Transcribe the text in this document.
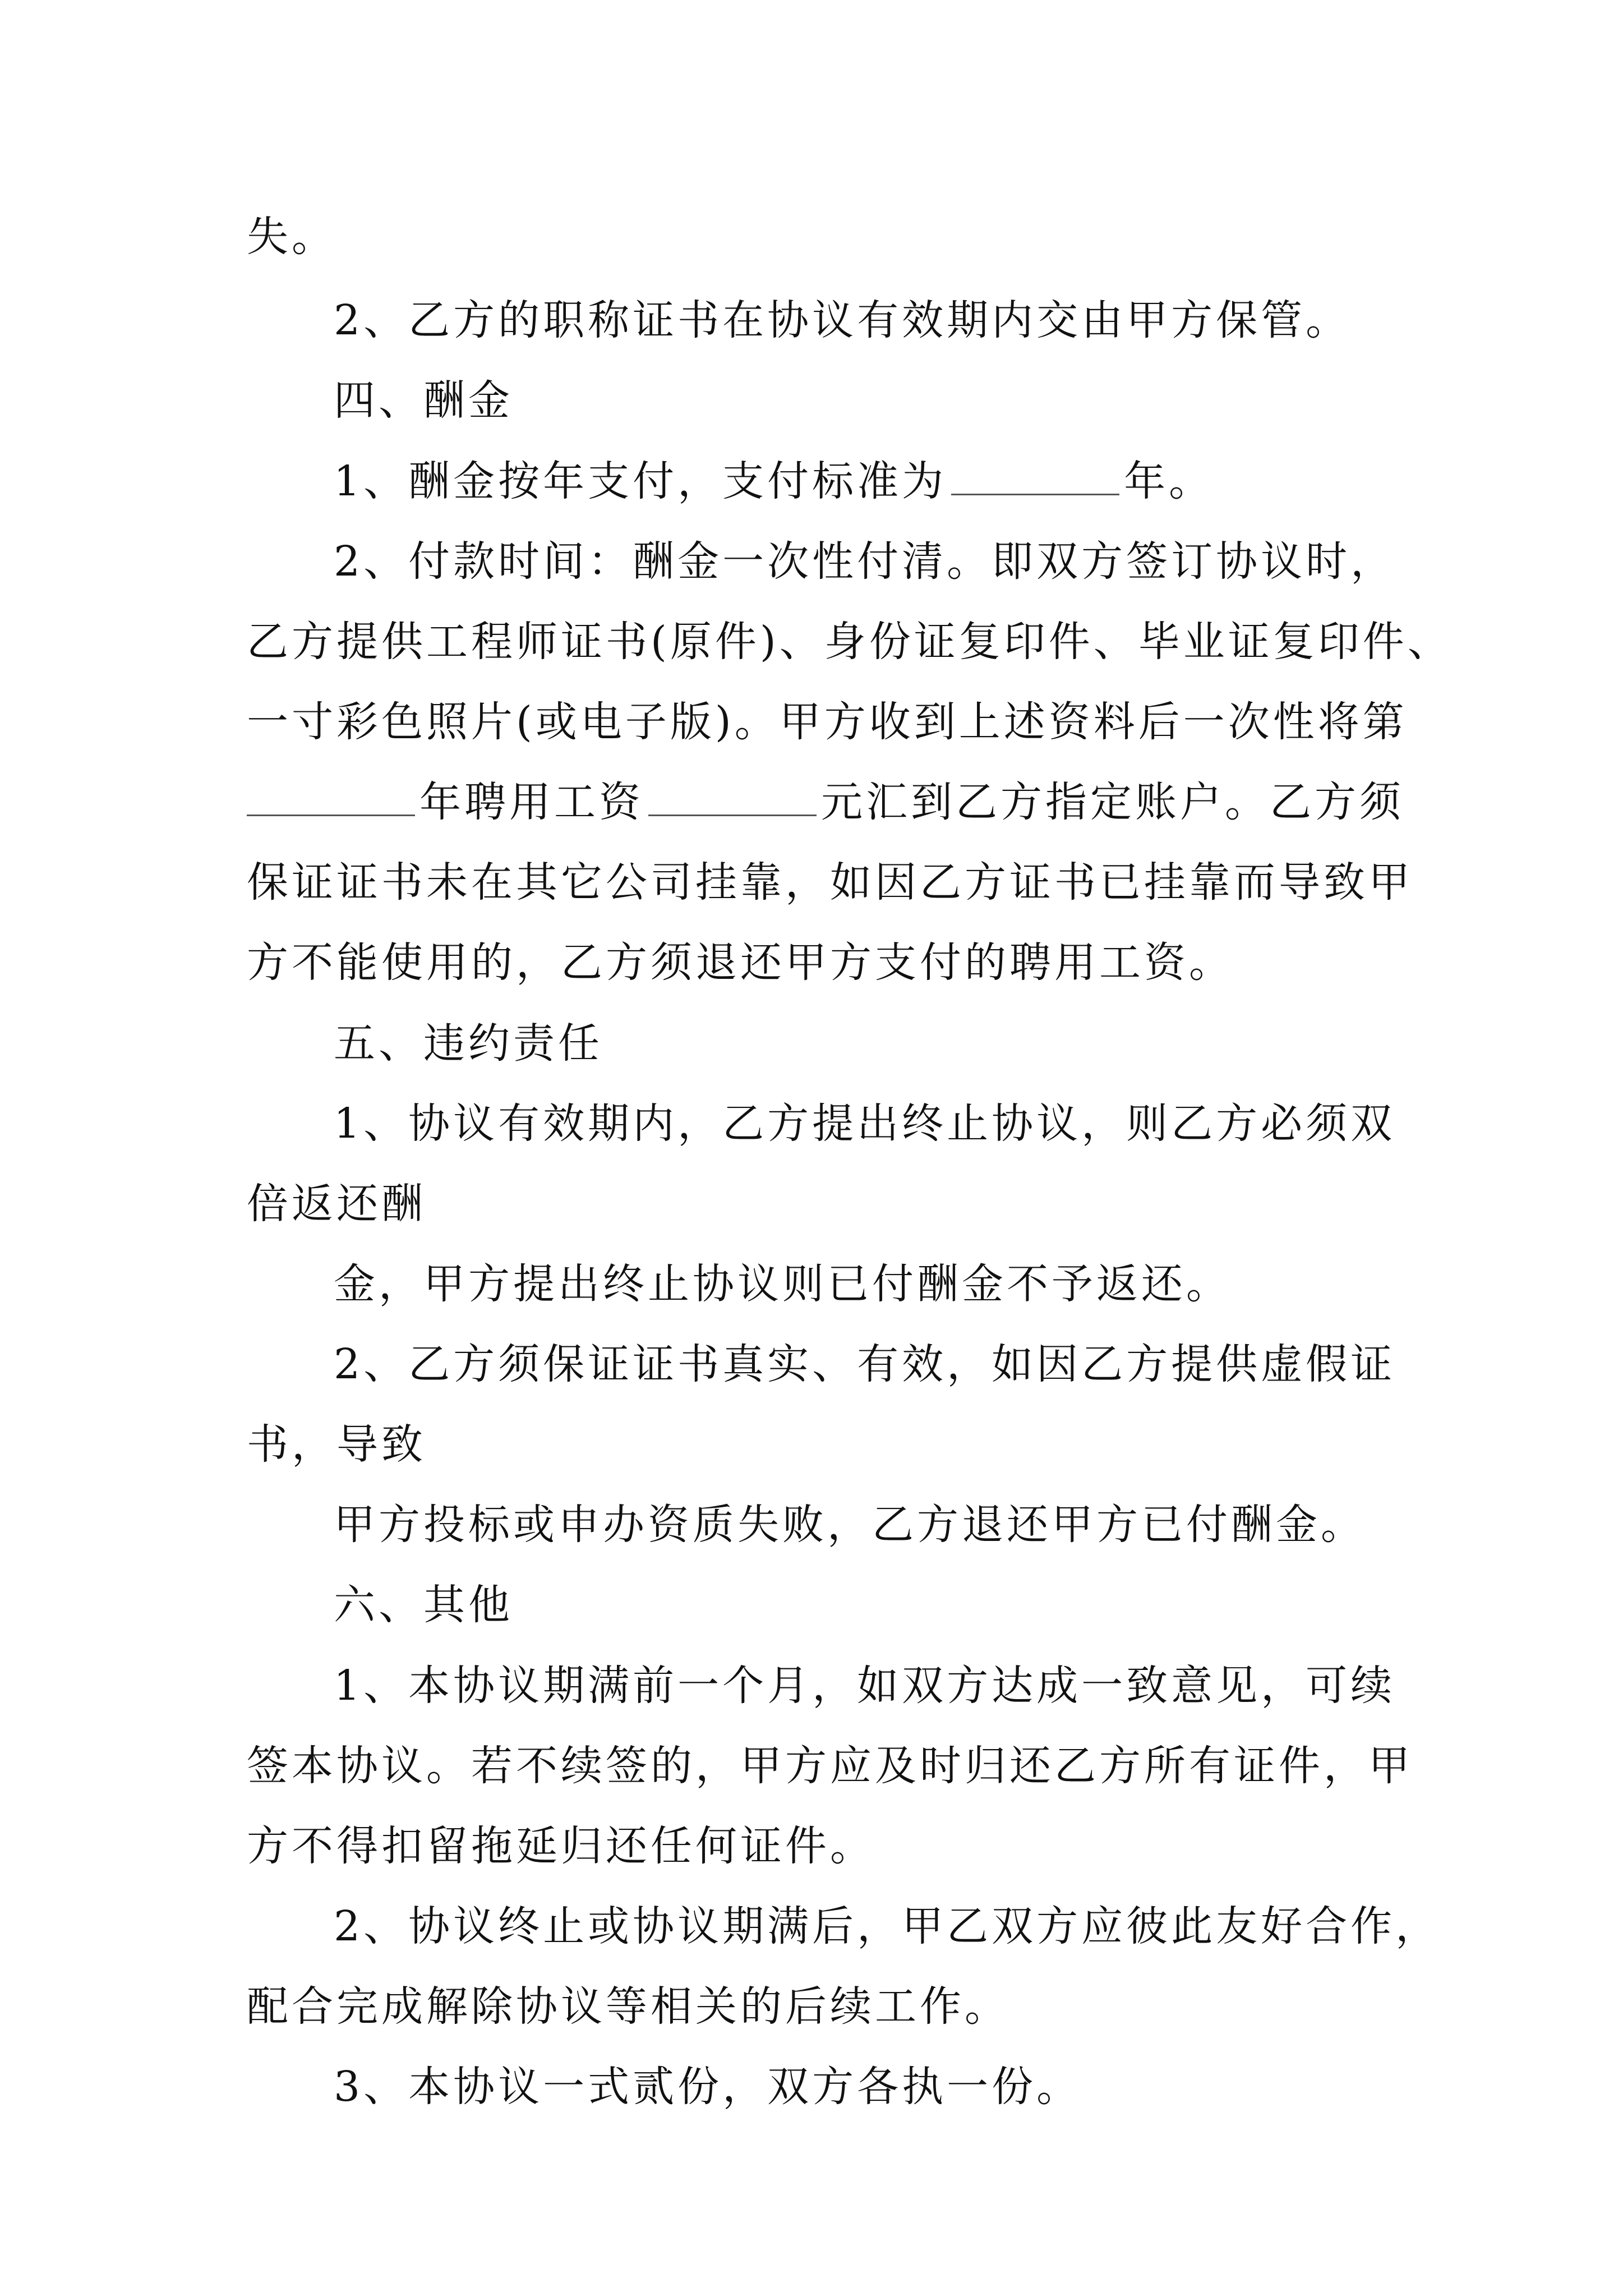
失。
2、乙方的职称证书在协议有效期内交由甲方保管。
四、酬金
1、酬金按年支付，支付标准为	年。
2、付款时间：酬金一次性付清。即双方签订协议时，
乙方提供工程师证书(原件)、身份证复印件、毕业证复印件、
一寸彩色照片(或电子版)。甲方收到上述资料后一次性将第
年聘用工资	元汇到乙方指定账户。乙方须
保证证书未在其它公司挂靠，如因乙方证书已挂靠而导致甲
方不能使用的，乙方须退还甲方支付的聘用工资。
五、违约责任
1、协议有效期内，乙方提出终止协议，则乙方必须双
倍返还酬
金，甲方提出终止协议则已付酬金不予返还。
2、乙方须保证证书真实、有效，如因乙方提供虚假证
书，导致
甲方投标或申办资质失败，乙方退还甲方已付酬金。
六、其他
1、本协议期满前一个月，如双方达成一致意见，可续
签本协议。若不续签的，甲方应及时归还乙方所有证件，甲
方不得扣留拖延归还任何证件。
2、协议终止或协议期满后，甲乙双方应彼此友好合作，
配合完成解除协议等相关的后续工作。
3、本协议一式贰份，双方各执一份。
